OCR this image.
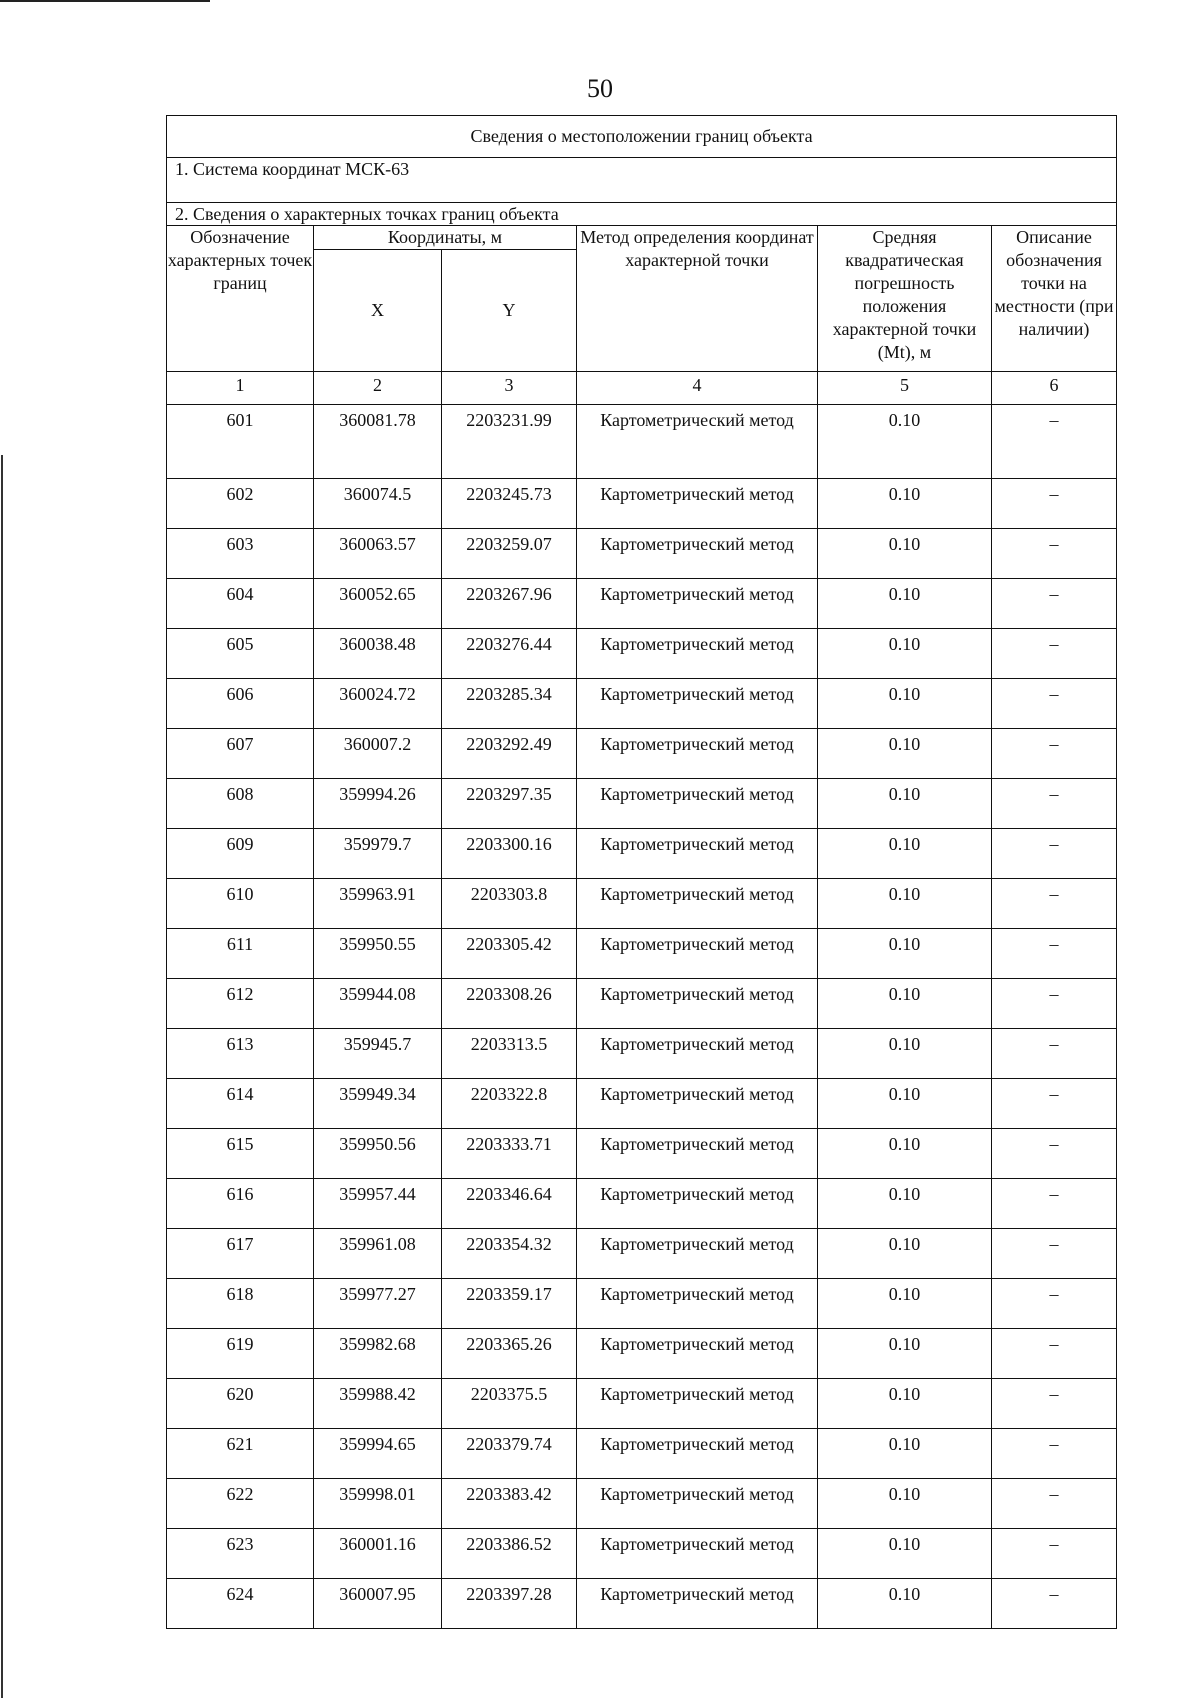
50
Сведения о местоположении границ объекта					
1. Система координат МСК-63					
2. Сведения о характерных точках границ объекта					
Обозначение характерных точек границ	Координаты, м		Метод определения координат характерной точки	Средняя квадратическая погрешность положения характерной точки (Mt), м	Описание обозначения точки на местности (при наличии)
	X	Y			
1	2	3	4	5	6
601	360081.78	2203231.99	Картометрический метод	0.10	–
602	360074.5	2203245.73	Картометрический метод	0.10	–
603	360063.57	2203259.07	Картометрический метод	0.10	–
604	360052.65	2203267.96	Картометрический метод	0.10	–
605	360038.48	2203276.44	Картометрический метод	0.10	–
606	360024.72	2203285.34	Картометрический метод	0.10	–
607	360007.2	2203292.49	Картометрический метод	0.10	–
608	359994.26	2203297.35	Картометрический метод	0.10	–
609	359979.7	2203300.16	Картометрический метод	0.10	–
610	359963.91	2203303.8	Картометрический метод	0.10	–
611	359950.55	2203305.42	Картометрический метод	0.10	–
612	359944.08	2203308.26	Картометрический метод	0.10	–
613	359945.7	2203313.5	Картометрический метод	0.10	–
614	359949.34	2203322.8	Картометрический метод	0.10	–
615	359950.56	2203333.71	Картометрический метод	0.10	–
616	359957.44	2203346.64	Картометрический метод	0.10	–
617	359961.08	2203354.32	Картометрический метод	0.10	–
618	359977.27	2203359.17	Картометрический метод	0.10	–
619	359982.68	2203365.26	Картометрический метод	0.10	–
620	359988.42	2203375.5	Картометрический метод	0.10	–
621	359994.65	2203379.74	Картометрический метод	0.10	–
622	359998.01	2203383.42	Картометрический метод	0.10	–
623	360001.16	2203386.52	Картометрический метод	0.10	–
624	360007.95	2203397.28	Картометрический метод	0.10	–
